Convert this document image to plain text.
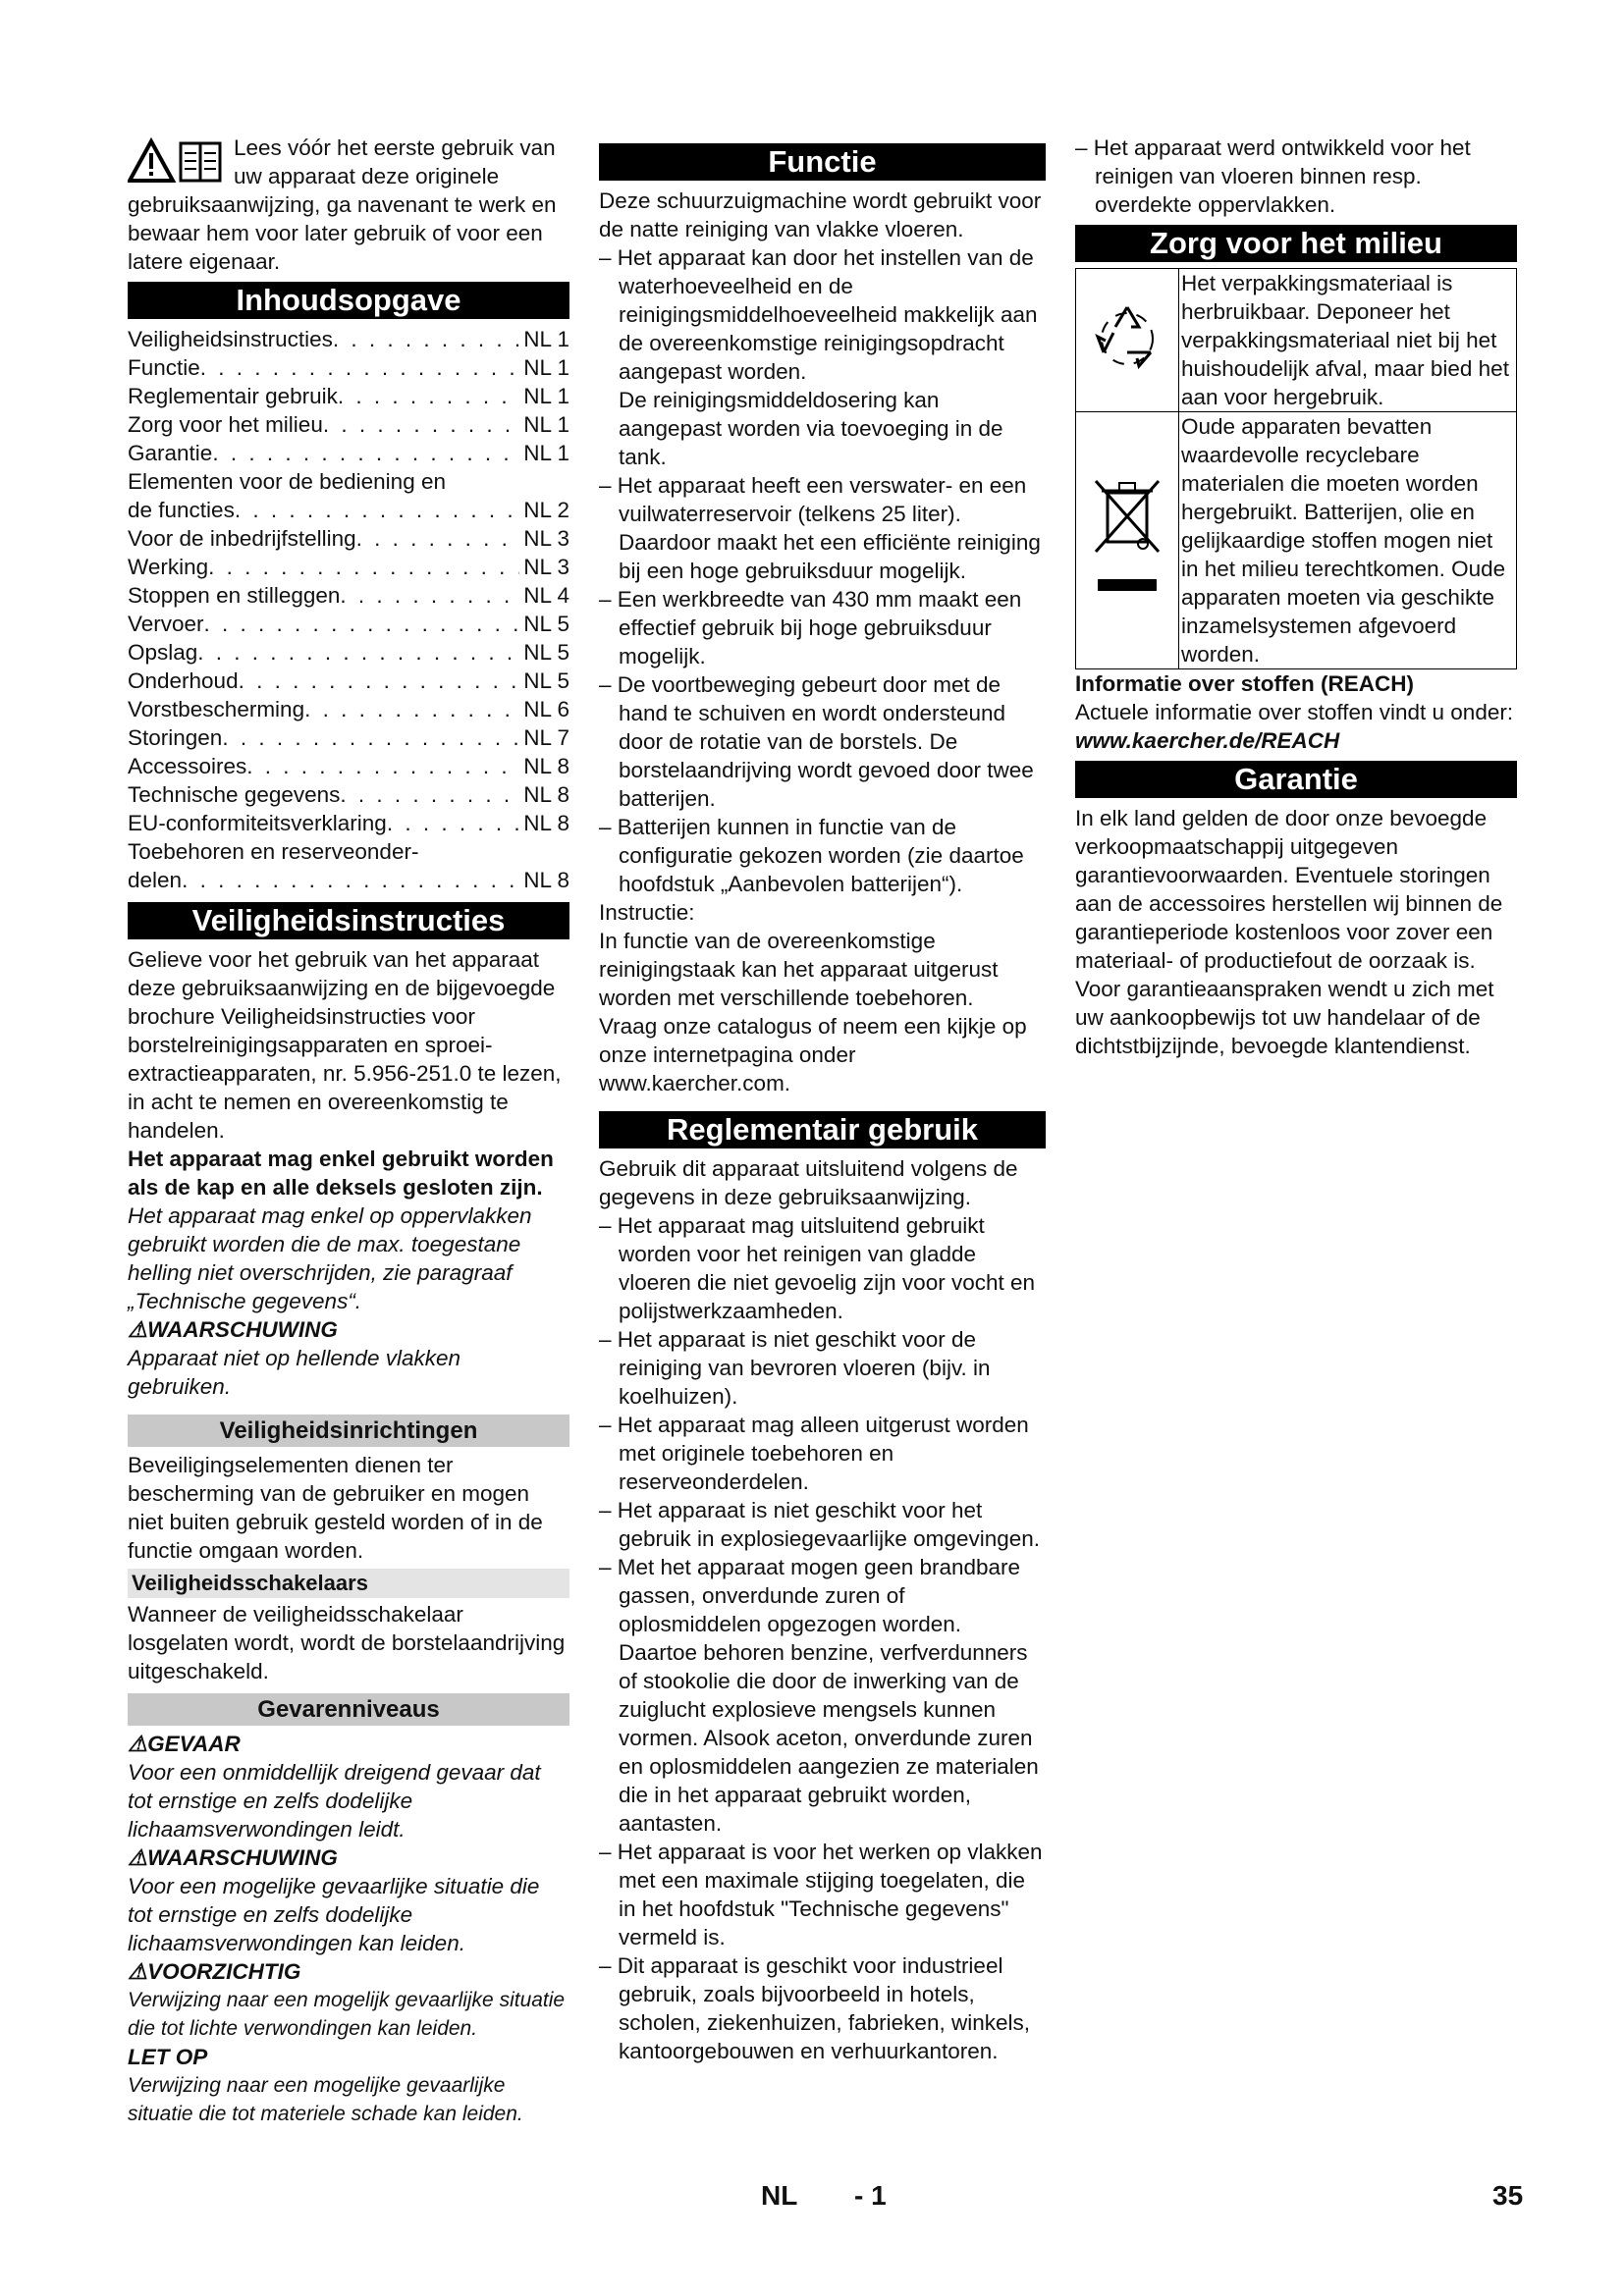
Lees vóór het eerste gebruik van uw apparaat deze originele gebruiksaanwijzing, ga navenant te werk en bewaar hem voor later gebruik of voor een latere eigenaar.

Inhoudsopgave
Veiligheidsinstructies . . .	NL 1
Functie . . .	NL 1
Reglementair gebruik . . .	NL 1
Zorg voor het milieu . . .	NL 1
Garantie . . .	NL 1
Elementen voor de bediening en
de functies . . .	NL 2
Voor de inbedrijfstelling . . .	NL 3
Werking . . .	NL 3
Stoppen en stilleggen . . .	NL 4
Vervoer . . .	NL 5
Opslag . . .	NL 5
Onderhoud . . .	NL 5
Vorstbescherming . . .	NL 6
Storingen . . .	NL 7
Accessoires . . .	NL 8
Technische gegevens . . .	NL 8
EU-conformiteitsverklaring . . .	NL 8
Toebehoren en reserveonder-
delen . . .	NL 8
Veiligheidsinstructies

Gelieve voor het gebruik van het apparaat deze gebruiksaanwijzing en de bijgevoegde brochure Veiligheidsinstructies voor borstelreinigingsapparaten en sproei-extractieapparaten, nr. 5.956-251.0 te lezen, in acht te nemen en overeenkomstig te handelen.

Het apparaat mag enkel gebruikt worden als de kap en alle deksels gesloten zijn.

Het apparaat mag enkel op oppervlakken gebruikt worden die de max. toegestane helling niet overschrijden, zie paragraaf „Technische gegevens“.

⚠WAARSCHUWING

Apparaat niet op hellende vlakken gebruiken.

Veiligheidsinrichtingen

Beveiligingselementen dienen ter bescherming van de gebruiker en mogen niet buiten gebruik gesteld worden of in de functie omgaan worden.

Veiligheidsschakelaars

Wanneer de veiligheidsschakelaar losgelaten wordt, wordt de borstelaandrijving uitgeschakeld.

Gevarenniveaus

⚠GEVAAR

Voor een onmiddellijk dreigend gevaar dat tot ernstige en zelfs dodelijke lichaamsverwondingen leidt.

⚠WAARSCHUWING

Voor een mogelijke gevaarlijke situatie die tot ernstige en zelfs dodelijke lichaamsverwondingen kan leiden.

⚠VOORZICHTIG

Verwijzing naar een mogelijk gevaarlijke situatie die tot lichte verwondingen kan leiden.

LET OP

Verwijzing naar een mogelijke gevaarlijke situatie die tot materiele schade kan leiden.

Functie

Deze schuurzuigmachine wordt gebruikt voor de natte reiniging van vlakke vloeren.

– Het apparaat kan door het instellen van de waterhoeveelheid en de reinigingsmiddelhoeveelheid makkelijk aan de overeenkomstige reinigingsopdracht aangepast worden.
De reinigingsmiddeldosering kan aangepast worden via toevoeging in de tank.
– Het apparaat heeft een verswater- en een vuilwaterreservoir (telkens 25 liter). Daardoor maakt het een efficiënte reiniging bij een hoge gebruiksduur mogelijk.
– Een werkbreedte van 430 mm maakt een effectief gebruik bij hoge gebruiksduur mogelijk.
– De voortbeweging gebeurt door met de hand te schuiven en wordt ondersteund door de rotatie van de borstels. De borstelaandrijving wordt gevoed door twee batterijen.
– Batterijen kunnen in functie van de configuratie gekozen worden (zie daartoe hoofdstuk „Aanbevolen batterijen“).

Instructie:

In functie van de overeenkomstige reinigingstaak kan het apparaat uitgerust worden met verschillende toebehoren.

Vraag onze catalogus of neem een kijkje op onze internetpagina onder www.kaercher.com.

Reglementair gebruik

Gebruik dit apparaat uitsluitend volgens de gegevens in deze gebruiksaanwijzing.

– Het apparaat mag uitsluitend gebruikt worden voor het reinigen van gladde vloeren die niet gevoelig zijn voor vocht en polijstwerkzaamheden.
– Het apparaat is niet geschikt voor de reiniging van bevroren vloeren (bijv. in koelhuizen).
– Het apparaat mag alleen uitgerust worden met originele toebehoren en reserveonderdelen.
– Het apparaat is niet geschikt voor het gebruik in explosiegevaarlijke omgevingen.
– Met het apparaat mogen geen brandbare gassen, onverdunde zuren of oplosmiddelen opgezogen worden.
Daartoe behoren benzine, verfverdunners of stookolie die door de inwerking van de zuiglucht explosieve mengsels kunnen vormen. Alsook aceton, onverdunde zuren en oplosmiddelen aangezien ze materialen die in het apparaat gebruikt worden, aantasten.
– Het apparaat is voor het werken op vlakken met een maximale stijging toegelaten, die in het hoofdstuk "Technische gegevens" vermeld is.
– Dit apparaat is geschikt voor industrieel gebruik, zoals bijvoorbeeld in hotels, scholen, ziekenhuizen, fabrieken, winkels, kantoorgebouwen en verhuurkantoren.
– Het apparaat werd ontwikkeld voor het reinigen van vloeren binnen resp. overdekte oppervlakken.
Zorg voor het milieu
	Het verpakkingsmateriaal is herbruikbaar. Deponeer het verpakkingsmateriaal niet bij het huishoudelijk afval, maar bied het aan voor hergebruik.
	Oude apparaten bevatten waardevolle recyclebare materialen die moeten worden hergebruikt. Batterijen, olie en gelijkaardige stoffen mogen niet in het milieu terechtkomen. Oude apparaten moeten via geschikte inzamelsystemen afgevoerd worden.

Informatie over stoffen (REACH)

Actuele informatie over stoffen vindt u onder:

www.kaercher.de/REACH

Garantie

In elk land gelden de door onze bevoegde verkoopmaatschappij uitgegeven garantievoorwaarden. Eventuele storingen aan de accessoires herstellen wij binnen de garantieperiode kostenloos voor zover een materiaal- of productiefout de oorzaak is. Voor garantieaanspraken wendt u zich met uw aankoopbewijs tot uw handelaar of de dichtstbijzijnde, bevoegde klantendienst.

NL - 1	35
